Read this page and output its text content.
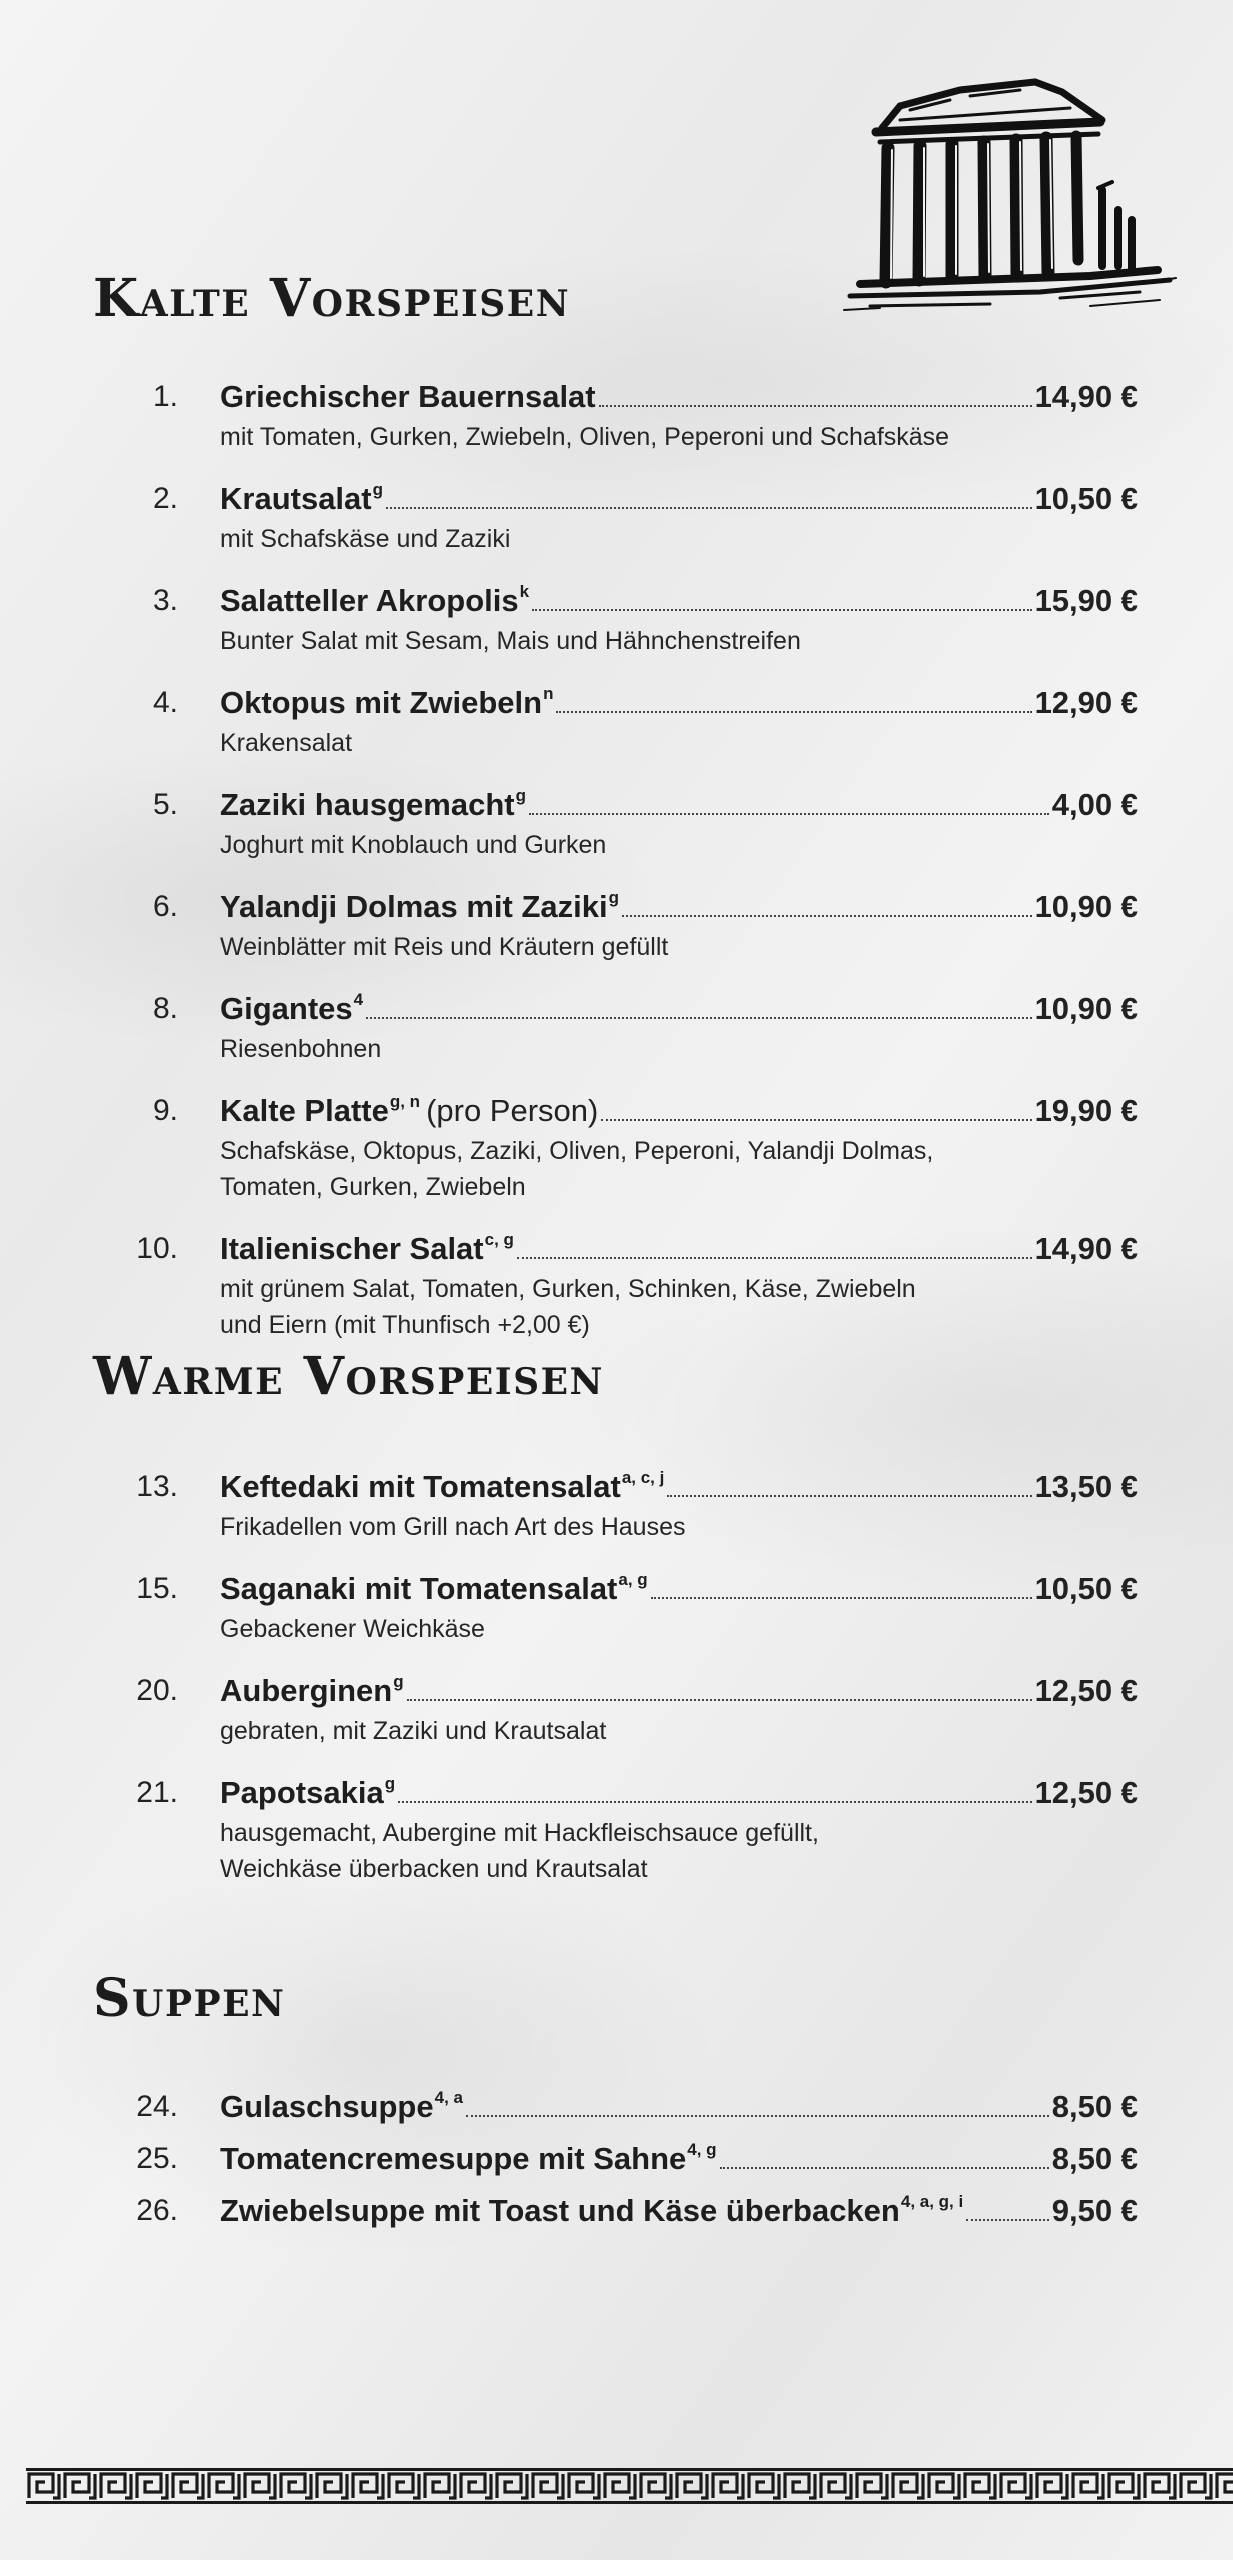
Kalte Vorspeisen
1. Griechischer Bauernsalat	14,90 €
mit Tomaten, Gurken, Zwiebeln, Oliven, Peperoni und Schafskäse
2. Krautsalat$^g$	10,50 €
mit Schafskäse und Zaziki
3. Salatteller Akropolis$^k$	15,90 €
Bunter Salat mit Sesam, Mais und Hähnchenstreifen
4. Oktopus mit Zwiebeln$^n$	12,90 €
Krakensalat
5. Zaziki hausgemacht$^g$	4,00 €
Joghurt mit Knoblauch und Gurken
6. Yalandji Dolmas mit Zaziki$^g$	10,90 €
Weinblätter mit Reis und Kräutern gefüllt
8. Gigantes$^4$	10,90 €
Riesenbohnen
9. Kalte Platte$^{g, n}$ (pro Person)	19,90 €
Schafskäse, Oktopus, Zaziki, Oliven, Peperoni, Yalandji Dolmas,
Tomaten, Gurken, Zwiebeln
10. Italienischer Salat$^{c, g}$	14,90 €
mit grünem Salat, Tomaten, Gurken, Schinken, Käse, Zwiebeln
und Eiern (mit Thunfisch +2,00 €)
Warme Vorspeisen
13. Keftedaki mit Tomatensalat$^{a, c, j}$	13,50 €
Frikadellen vom Grill nach Art des Hauses
15. Saganaki mit Tomatensalat$^{a, g}$	10,50 €
Gebackener Weichkäse
20. Auberginen$^g$	12,50 €
gebraten, mit Zaziki und Krautsalat
21. Papotsakia$^g$	12,50 €
hausgemacht, Aubergine mit Hackfleischsauce gefüllt,
Weichkäse überbacken und Krautsalat
Suppen
24. Gulaschsuppe$^{4, a}$	8,50 €
25. Tomatencremesuppe mit Sahne$^{4, g}$	8,50 €
26. Zwiebelsuppe mit Toast und Käse überbacken$^{4, a, g, i}$	9,50 €
